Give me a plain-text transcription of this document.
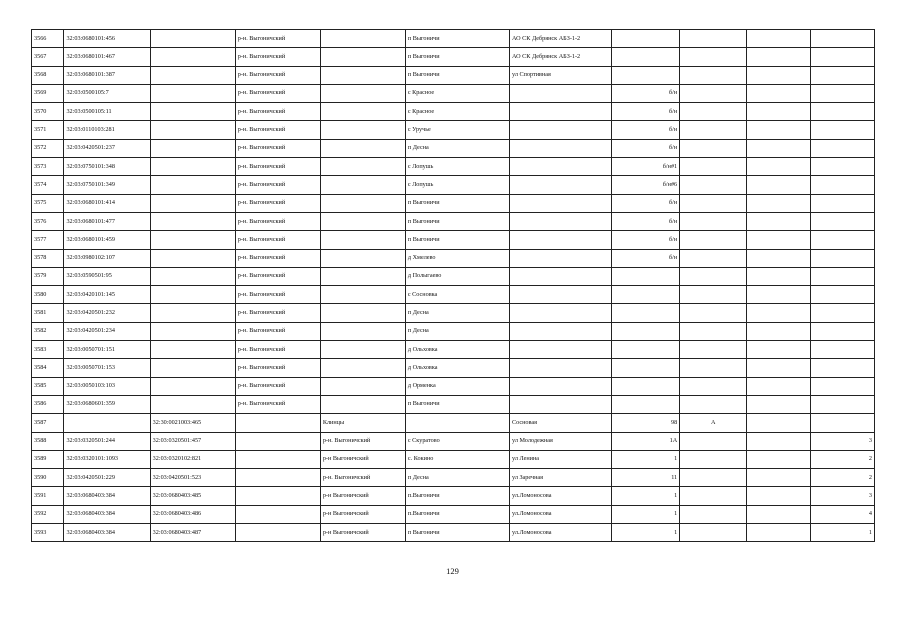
3566	32:03:0680101:456		р-н. Выгоничский		п Выгоничи	АО СК Дебрянск АБЗ-1-2				
3567	32:03:0680101:467		р-н. Выгоничский		п Выгоничи	АО СК Дебрянск АБЗ-1-2				
3568	32:03:0680101:387		р-н. Выгоничский		п Выгоничи	ул Спортивная				
3569	32:03:0500105:7		р-н. Выгоничский		с Красное		б/н			
3570	32:03:0500105:11		р-н. Выгоничский		с Красное		б/н			
3571	32:03:0110103:281		р-н. Выгоничский		с Уручье		б/н			
3572	32:03:0420501:237		р-н. Выгоничский		п Десна		б/н			
3573	32:03:0750101:348		р-н. Выгоничский		с Лопушь		б/н#1			
3574	32:03:0750101:349		р-н. Выгоничский		с Лопушь		б/н#6			
3575	32:03:0680101:414		р-н. Выгоничский		п Выгоничи		б/н			
3576	32:03:0680101:477		р-н. Выгоничский		п Выгоничи		б/н			
3577	32:03:0680101:459		р-н. Выгоничский		п Выгоничи		б/н			
3578	32:03:0980102:107		р-н. Выгоничский		д Хмелево		б/н			
3579	32:03:0590501:95		р-н. Выгоничский		д Полыгаево					
3580	32:03:0420101:145		р-н. Выгоничский		с Сосновка					
3581	32:03:0420501:232		р-н. Выгоничский		п Десна					
3582	32:03:0420501:234		р-н. Выгоничский		п Десна					
3583	32:03:0050701:151		р-н. Выгоничский		д Ольховка					
3584	32:03:0050701:153		р-н. Выгоничский		д Ольховка					
3585	32:03:0050103:103		р-н. Выгоничский		д Орменка					
3586	32:03:0680601:359		р-н. Выгоничский		п Выгоничи					
3587		32:30:0021003:465		Клинцы		Сосновая	98	А		
3588	32:03:0320501:244	32:03:0320501:457		р-н. Выгоничский	с Скуратово	ул Молодежная	1А			3
3589	32:03:0320101:1093	32:03:0320102:821		р-н Выгоничский	с. Кокино	ул Ленина	1			2
3590	32:03:0420501:229	32:03:0420501:523		р-н. Выгоничский	п Десна	ул Заречная	11			2
3591	32:03:0680403:384	32:03:0680403:485		р-н Выгоничский	п.Выгоничи	ул.Ломоносова	1			3
3592	32:03:0680403:384	32:03:0680403:486		р-н Выгоничский	п.Выгоничи	ул.Ломоносова	1			4
3593	32:03:0680403:384	32:03:0680403:487		р-н Выгоничский	п Выгоничи	ул.Ломоносова	1			1
129
